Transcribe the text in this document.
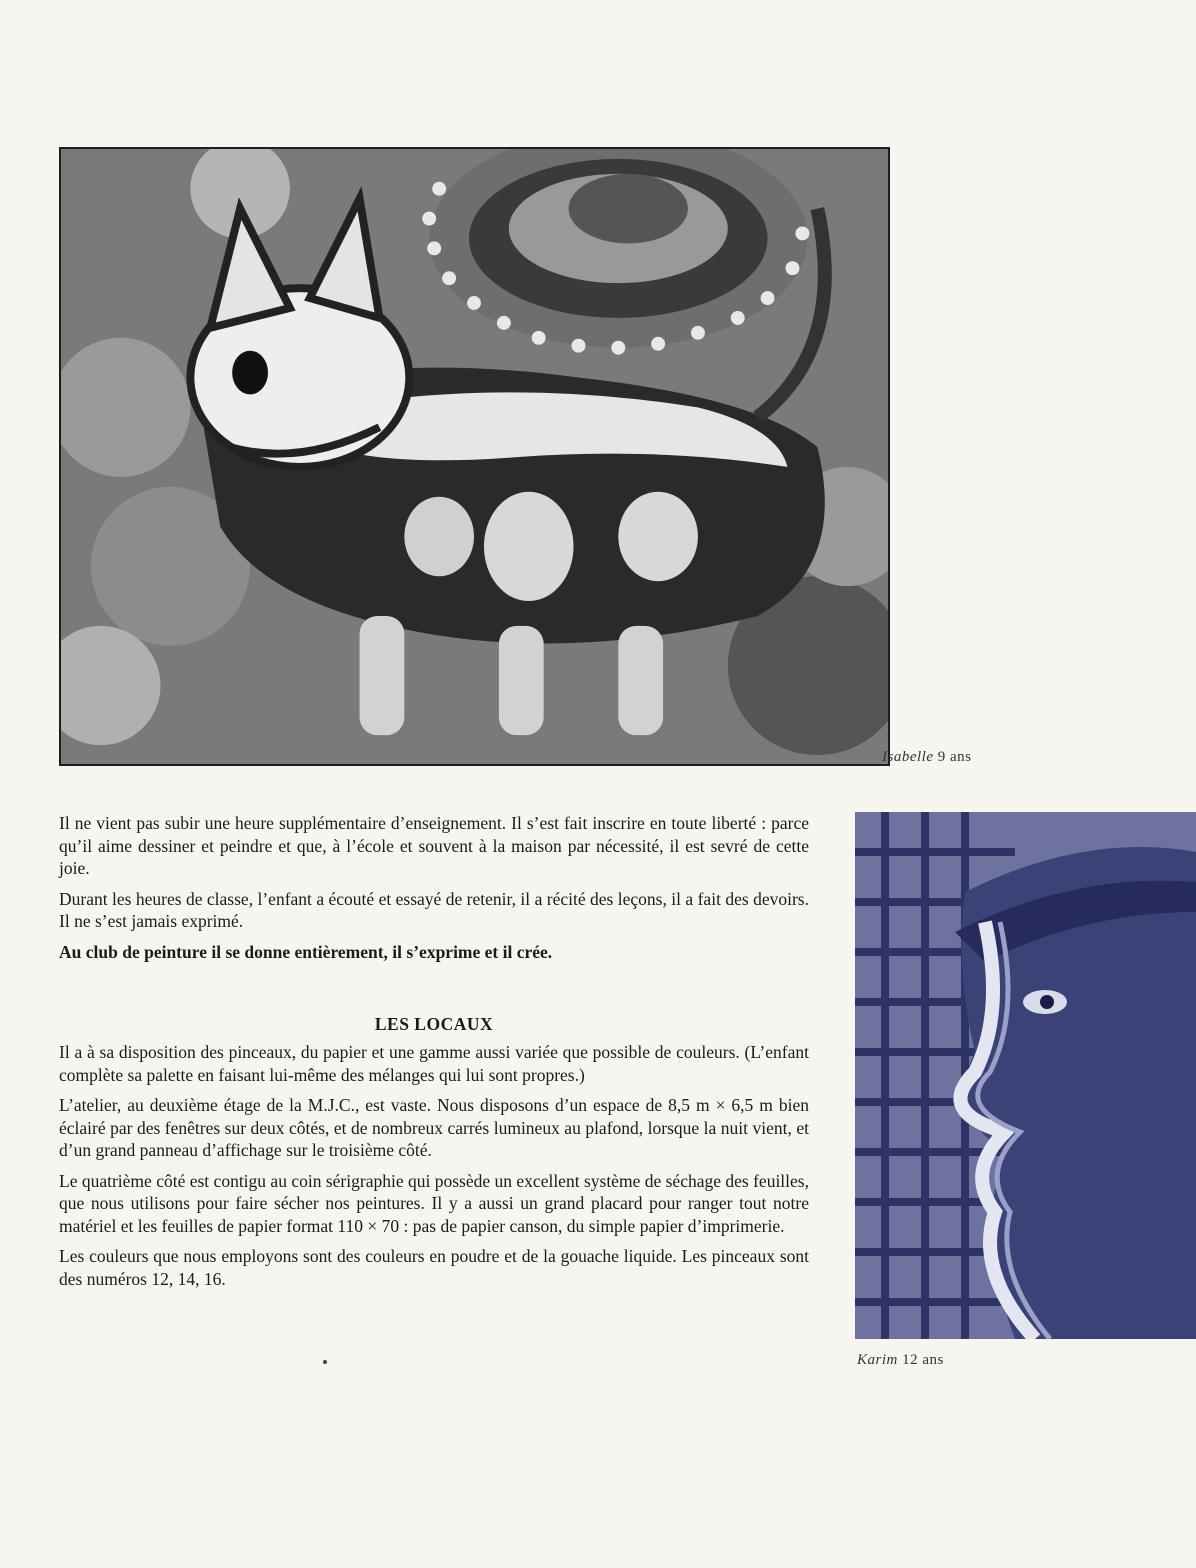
Isabelle 9 ans
Karim 12 ans

Il ne vient pas subir une heure supplémentaire d’enseignement. Il s’est fait inscrire en toute liberté : parce qu’il aime dessiner et peindre et que, à l’école et souvent à la maison par nécessité, il est sevré de cette joie.

Durant les heures de classe, l’enfant a écouté et essayé de retenir, il a récité des leçons, il a fait des devoirs. Il ne s’est jamais exprimé.

Au club de peinture il se donne entièrement, il s’exprime et il crée.

LES LOCAUX

Il a à sa disposition des pinceaux, du papier et une gamme aussi variée que possible de couleurs. (L’enfant complète sa palette en faisant lui-même des mélanges qui lui sont propres.)

L’atelier, au deuxième étage de la M.J.C., est vaste. Nous disposons d’un espace de 8,5 m × 6,5 m bien éclairé par des fenêtres sur deux côtés, et de nombreux carrés lumineux au plafond, lorsque la nuit vient, et d’un grand panneau d’affichage sur le troisième côté.

Le quatrième côté est contigu au coin sérigraphie qui possède un excellent système de séchage des feuilles, que nous utilisons pour faire sécher nos peintures. Il y a aussi un grand placard pour ranger tout notre matériel et les feuilles de papier format 110 × 70 : pas de papier canson, du simple papier d’imprimerie.

Les couleurs que nous employons sont des couleurs en poudre et de la gouache liquide. Les pinceaux sont des numéros 12, 14, 16.
